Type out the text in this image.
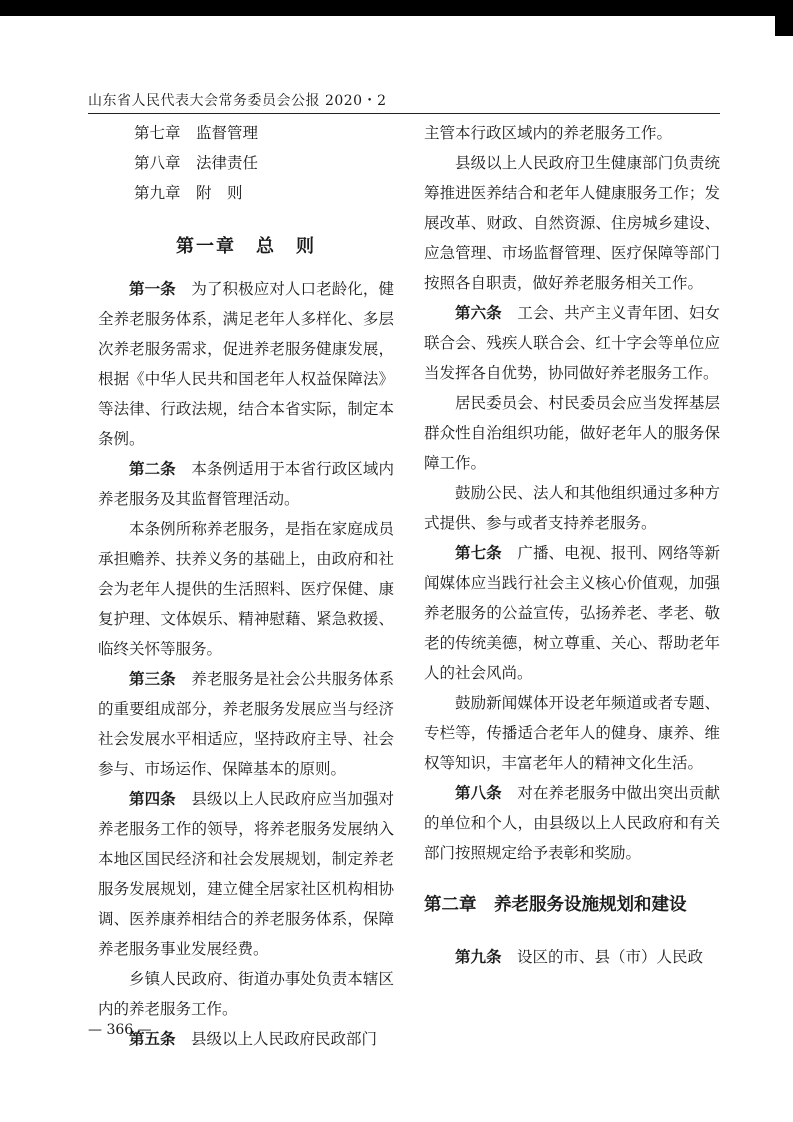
山东省人民代表大会常务委员会公报 2020・2

第七章　监督管理

第八章　法律责任

第九章　附　则

第一章　总　则

第一条　 为了积极应对人口老龄化，健全养老服务体系，满足老年人多样化、多层次养老服务需求，促进养老服务健康发展，根据《中华人民共和国老年人权益保障法》等法律、行政法规，结合本省实际，制定本条例。

第二条　 本条例适用于本省行政区域内养老服务及其监督管理活动。

本条例所称养老服务，是指在家庭成员承担赡养、扶养义务的基础上，由政府和社会为老年人提供的生活照料、医疗保健、康复护理、文体娱乐、精神慰藉、紧急救援、临终关怀等服务。

第三条　 养老服务是社会公共服务体系的重要组成部分，养老服务发展应当与经济社会发展水平相适应，坚持政府主导、社会参与、市场运作、保障基本的原则。

第四条　 县级以上人民政府应当加强对养老服务工作的领导，将养老服务发展纳入本地区国民经济和社会发展规划，制定养老服务发展规划，建立健全居家社区机构相协调、医养康养相结合的养老服务体系，保障养老服务事业发展经费。

乡镇人民政府、街道办事处负责本辖区内的养老服务工作。

第五条　 县级以上人民政府民政部门

主管本行政区域内的养老服务工作。

县级以上人民政府卫生健康部门负责统筹推进医养结合和老年人健康服务工作；发展改革、财政、自然资源、住房城乡建设、应急管理、市场监督管理、医疗保障等部门按照各自职责，做好养老服务相关工作。

第六条　 工会、共产主义青年团、妇女联合会、残疾人联合会、红十字会等单位应当发挥各自优势，协同做好养老服务工作。

居民委员会、村民委员会应当发挥基层群众性自治组织功能，做好老年人的服务保障工作。

鼓励公民、法人和其他组织通过多种方式提供、参与或者支持养老服务。

第七条　 广播、电视、报刊、网络等新闻媒体应当践行社会主义核心价值观，加强养老服务的公益宣传，弘扬养老、孝老、敬老的传统美德，树立尊重、关心、帮助老年人的社会风尚。

鼓励新闻媒体开设老年频道或者专题、专栏等，传播适合老年人的健身、康养、维权等知识，丰富老年人的精神文化生活。

第八条　 对在养老服务中做出突出贡献的单位和个人，由县级以上人民政府和有关部门按照规定给予表彰和奖励。

第二章　养老服务设施规划和建设

第九条　 设区的市、县（市）人民政

— 366 —
